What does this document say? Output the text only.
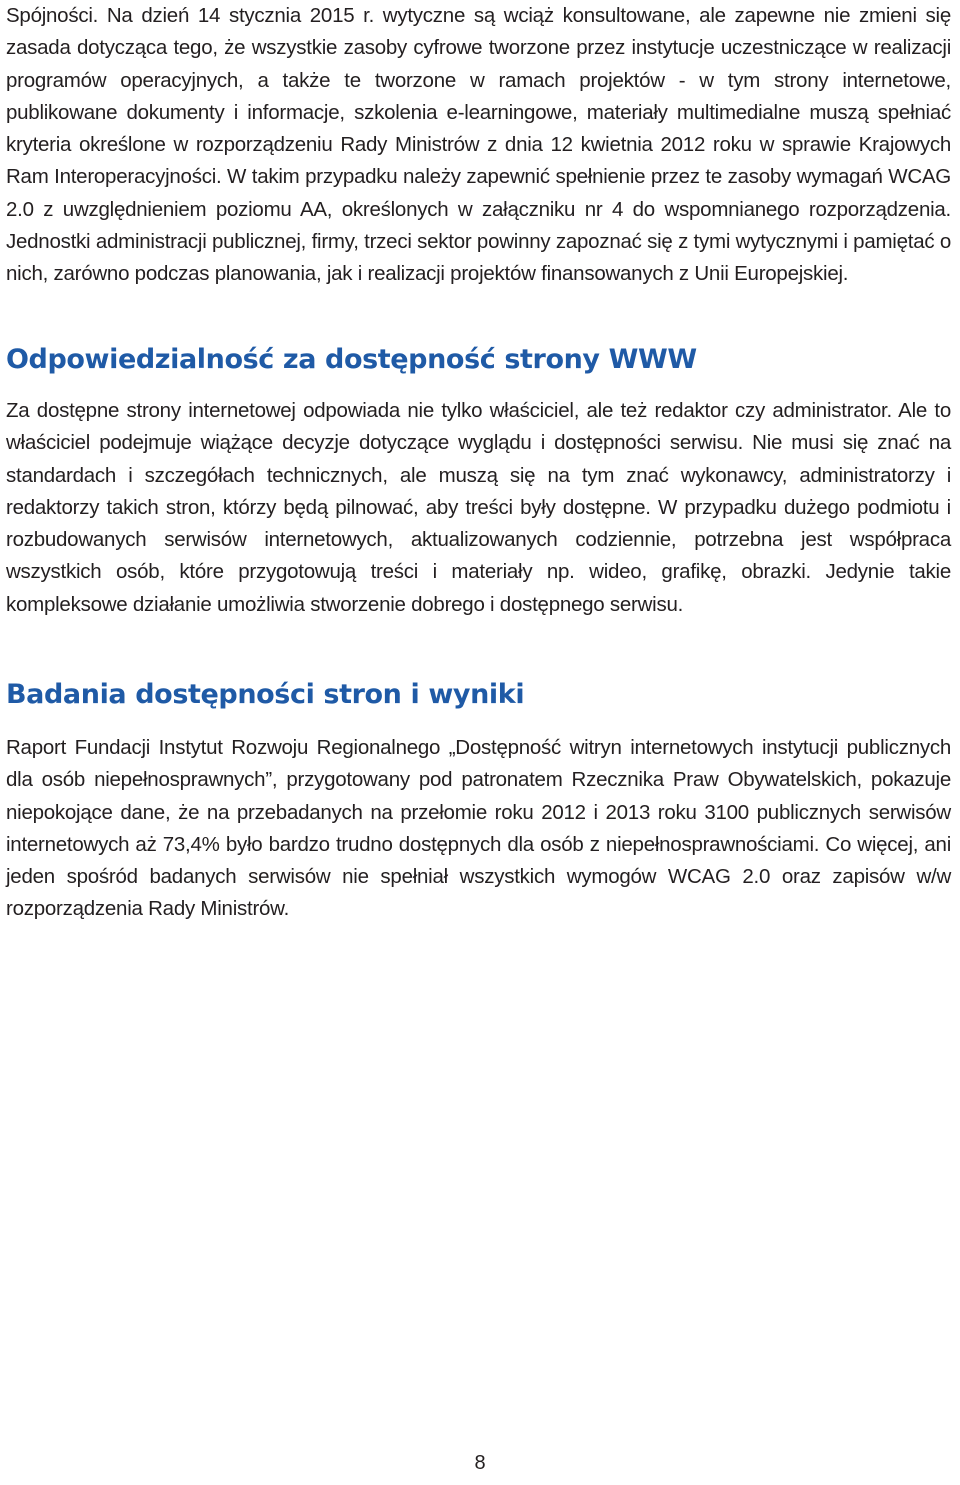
Spójności. Na dzień 14 stycznia 2015 r. wytyczne są wciąż konsultowane, ale zapewne nie zmieni się zasada dotycząca tego, że wszystkie zasoby cyfrowe tworzone przez instytucje uczestniczące w realizacji programów operacyjnych, a także te tworzone w ramach projektów - w tym strony internetowe, publikowane dokumenty i informacje, szkolenia e-learningowe, materiały multimedialne muszą spełniać kryteria określone w rozporządzeniu Rady Ministrów z dnia 12 kwietnia 2012 roku w sprawie Krajowych Ram Interoperacyjności. W takim przypadku należy zapewnić spełnienie przez te zasoby wymagań WCAG 2.0 z uwzględnieniem poziomu AA, określonych w załączniku nr 4 do wspomnianego rozporządzenia. Jednostki administracji publicznej, firmy, trzeci sektor powinny zapoznać się z tymi wytycznymi i pamiętać o nich, zarówno podczas planowania, jak i realizacji projektów finansowanych z Unii Europejskiej.

Odpowiedzialność za dostępność strony WWW

Za dostępne strony internetowej odpowiada nie tylko właściciel, ale też redaktor czy administrator. Ale to właściciel podejmuje wiążące decyzje dotyczące wyglądu i dostępności serwisu. Nie musi się znać na standardach i szczegółach technicznych, ale muszą się na tym znać wykonawcy, administratorzy i redaktorzy takich stron, którzy będą pilnować, aby treści były dostępne. W przypadku dużego podmiotu i rozbudowanych serwisów internetowych, aktualizowanych codziennie, potrzebna jest współpraca wszystkich osób, które przygotowują treści i materiały np. wideo, grafikę, obrazki. Jedynie takie kompleksowe działanie umożliwia stworzenie dobrego i dostępnego serwisu.

Badania dostępności stron i wyniki

Raport Fundacji Instytut Rozwoju Regionalnego „Dostępność witryn internetowych instytucji publicznych dla osób niepełnosprawnych”, przygotowany pod patronatem Rzecznika Praw Obywatelskich, pokazuje niepokojące dane, że na przebadanych na przełomie roku 2012 i 2013 roku 3100 publicznych serwisów internetowych aż 73,4% było bardzo trudno dostępnych dla osób z niepełnosprawnościami. Co więcej, ani jeden spośród badanych serwisów nie spełniał wszystkich wymogów WCAG 2.0 oraz zapisów w/w rozporządzenia Rady Ministrów.

8
